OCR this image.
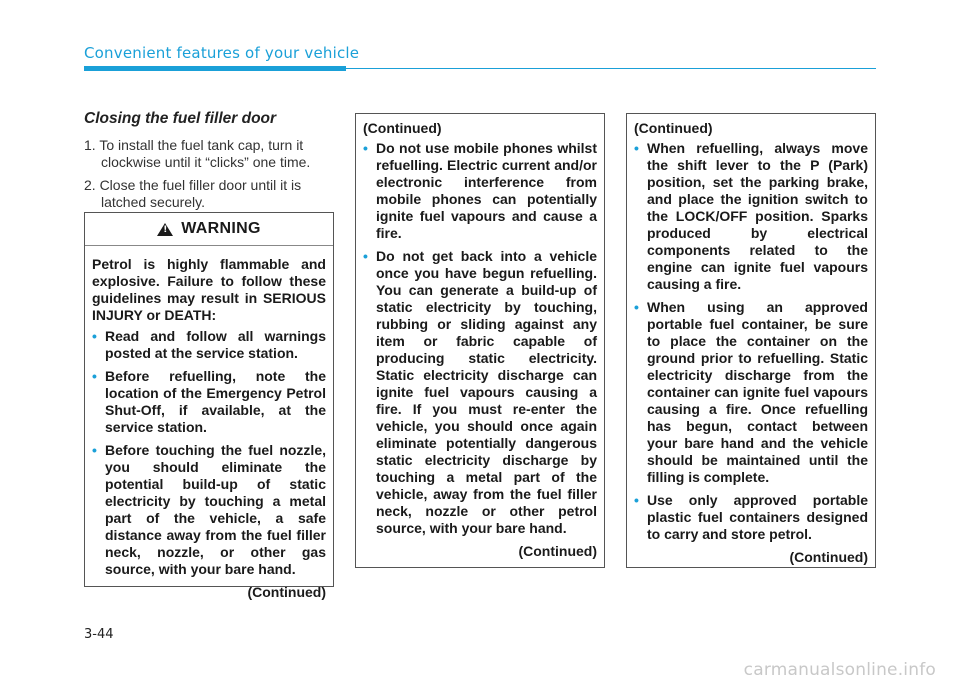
Convenient features of your vehicle
Closing the fuel filler door
1. To install the fuel tank cap, turn it clockwise until it “clicks” one time.
2. Close the fuel filler door until it is latched securely.
!
WARNING
Petrol is highly flammable and explosive. Failure to follow these guidelines may result in SERIOUS INJURY or DEATH:
• Read and follow all warnings posted at the service station.
• Before refuelling, note the location of the Emergency Petrol Shut-Off, if available, at the service station.
• Before touching the fuel nozzle, you should eliminate the potential build-up of static electricity by touching a metal part of the vehicle, a safe distance away from the fuel filler neck, nozzle, or other gas source, with your bare hand.
(Continued)
(Continued)
• Do not use mobile phones whilst refuelling. Electric current and/or electronic interference from mobile phones can potentially ignite fuel vapours and cause a fire.
• Do not get back into a vehicle once you have begun refuelling. You can generate a build-up of static electricity by touching, rubbing or sliding against any item or fabric capable of producing static electricity. Static electricity discharge can ignite fuel vapours causing a fire. If you must re-enter the vehicle, you should once again eliminate potentially dangerous static electricity discharge by touching a metal part of the vehicle, away from the fuel filler neck, nozzle or other petrol source, with your bare hand.
(Continued)
(Continued)
• When refuelling, always move the shift lever to the P (Park) position, set the parking brake, and place the ignition switch to the LOCK/OFF position. Sparks produced by electrical components related to the engine can ignite fuel vapours causing a fire.
• When using an approved portable fuel container, be sure to place the container on the ground prior to refuelling. Static electricity discharge from the container can ignite fuel vapours causing a fire. Once refuelling has begun, contact between your bare hand and the vehicle should be maintained until the filling is complete.
• Use only approved portable plastic fuel containers designed to carry and store petrol.
(Continued)
3-44
carmanualsonline.info
